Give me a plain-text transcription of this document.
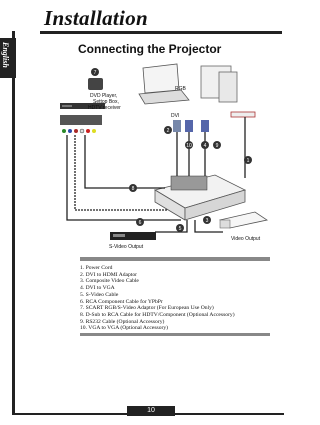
Installation
English	Connecting the Projector
DVD Player,
Settop Box,
HDTV receiver
RGB
DVI
S-Video Output
Video Output
1
2
3
4
5
6
7
8
9
10
1. Power Cord
2. DVI to HDMI Adaptor
3. Composite Video Cable
4. DVI to VGA
5. S-Video Cable
6. RCA Component Cable for YPbPr
7. SCART RGB/S-Video Adaptor (For European Use Only)
8. D-Sub to RCA Cable for HDTV/Component (Optional Accessory)
9. RS232 Cable (Optional Accessory)
10. VGA to VGA (Optional Accessory)
10
